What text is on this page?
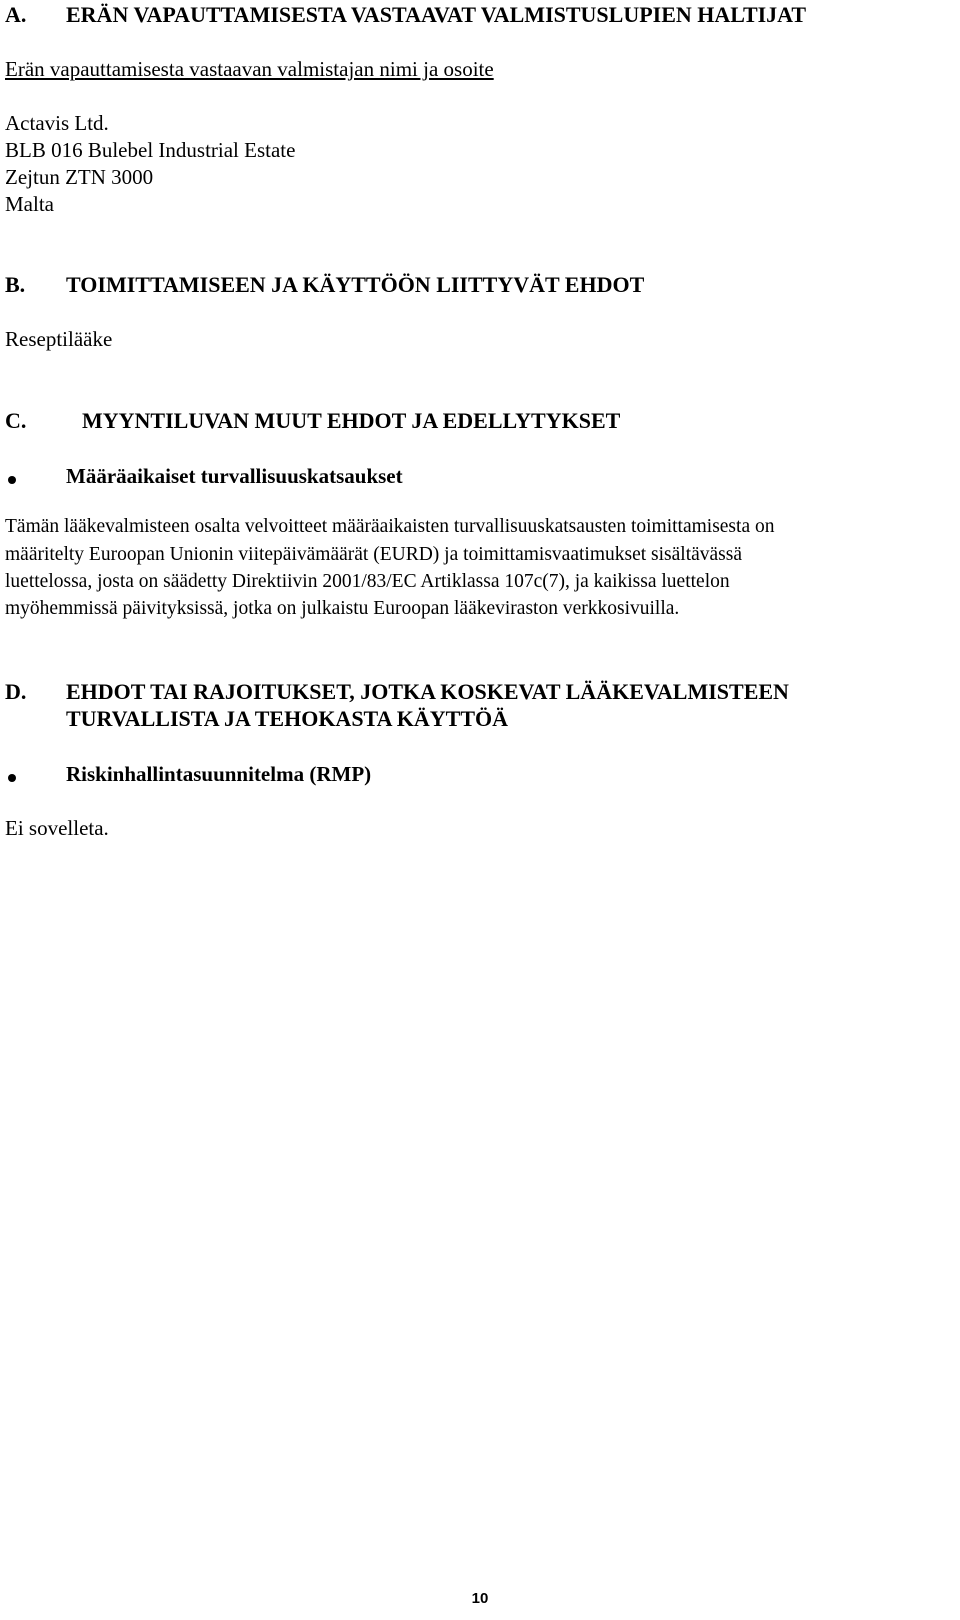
A. ERÄN VAPAUTTAMISESTA VASTAAVAT VALMISTUSLUPIEN HALTIJAT
Erän vapauttamisesta vastaavan valmistajan nimi ja osoite
Actavis Ltd.
BLB 016 Bulebel Industrial Estate
Zejtun ZTN 3000
Malta
B. TOIMITTAMISEEN JA KÄYTTÖÖN LIITTYVÄT EHDOT
Reseptilääke
C.	MYYNTILUVAN MUUT EHDOT JA EDELLYTYKSET
Määräaikaiset turvallisuuskatsaukset
Tämän lääkevalmisteen osalta velvoitteet määräaikaisten turvallisuuskatsausten toimittamisesta on
määritelty Euroopan Unionin viitepäivämäärät (EURD) ja toimittamisvaatimukset sisältävässä
luettelossa, josta on säädetty Direktiivin 2001/83/EC Artiklassa 107c(7), ja kaikissa luettelon
myöhemmissä päivityksissä, jotka on julkaistu Euroopan lääkeviraston verkkosivuilla.
D. EHDOT TAI RAJOITUKSET, JOTKA KOSKEVAT LÄÄKEVALMISTEEN
TURVALLISTA JA TEHOKASTA KÄYTTÖÄ
Riskinhallintasuunnitelma (RMP)
Ei sovelleta.
10
